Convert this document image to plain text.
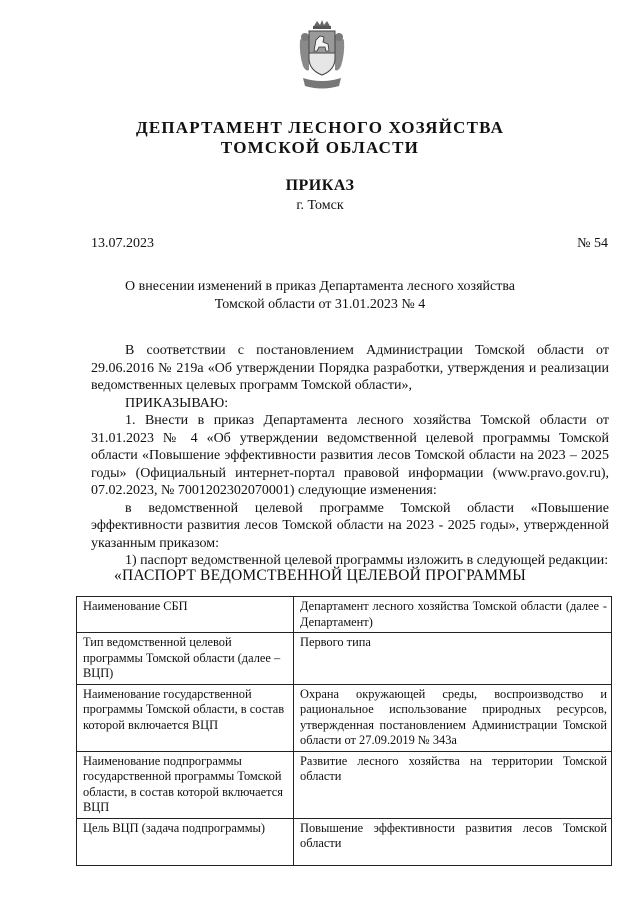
ДЕПАРТАМЕНТ ЛЕСНОГО ХОЗЯЙСТВА
ТОМСКОЙ ОБЛАСТИ
ПРИКАЗ
г. Томск
13.07.2023	№ 54
О внесении изменений в приказ Департамента лесного хозяйства
Томской области от 31.01.2023 № 4

В соответствии с постановлением Администрации Томской области от 29.06.2016 № 219а «Об утверждении Порядка разработки, утверждения и реализации ведомственных целевых программ Томской области»,

ПРИКАЗЫВАЮ:

1. Внести в приказ Департамента лесного хозяйства Томской области от 31.01.2023 № 4 «Об утверждении ведомственной целевой программы Томской области «Повышение эффективности развития лесов Томской области на 2023 – 2025 годы» (Официальный интернет-портал правовой информации (www.pravo.gov.ru), 07.02.2023, № 7001202302070001) следующие изменения:

в ведомственной целевой программе Томской области «Повышение эффективности развития лесов Томской области на 2023 - 2025 годы», утвержденной указанным приказом:

1) паспорт ведомственной целевой программы изложить в следующей редакции:

«ПАСПОРТ ВЕДОМСТВЕННОЙ ЦЕЛЕВОЙ ПРОГРАММЫ
Наименование СБП	Департамент лесного хозяйства Томской области (далее - Департамент)
Тип ведомственной целевой программы Томской области (далее – ВЦП)	Первого типа
Наименование государственной программы Томской области, в состав которой включается ВЦП	Охрана окружающей среды, воспроизводство и рациональное использование природных ресурсов, утвержденная постановлением Администрации Томской области от 27.09.2019 № 343а
Наименование подпрограммы государственной программы Томской области, в состав которой включается ВЦП	Развитие лесного хозяйства на территории Томской области
Цель ВЦП (задача подпрограммы)	Повышение эффективности развития лесов Томской области
